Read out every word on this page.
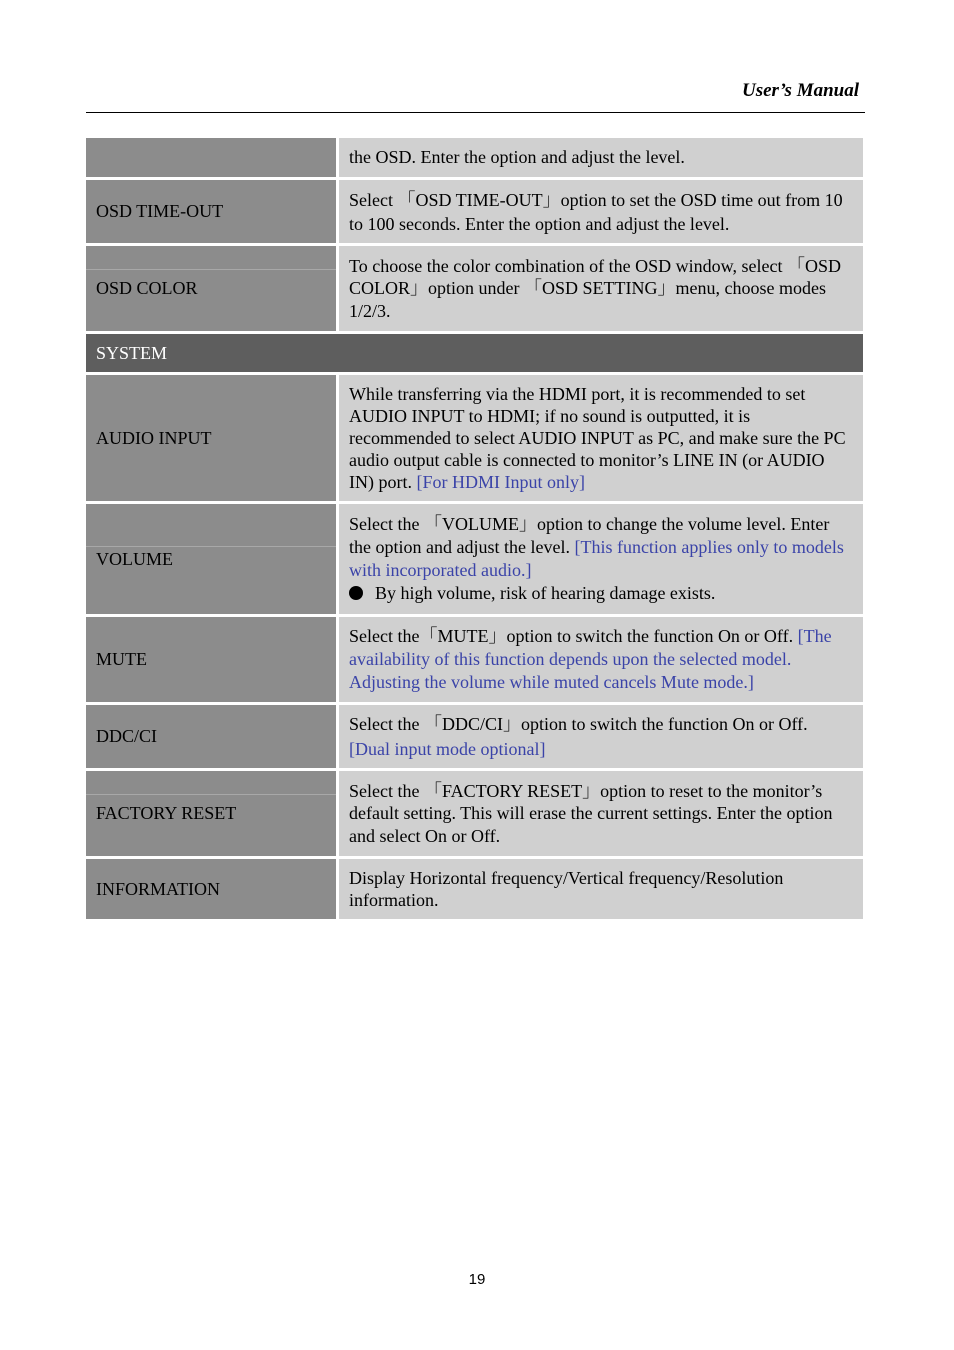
User’s Manual
the OSD. Enter the option and adjust the level.
OSD TIME-OUT
Select 「OSD TIME-OUT」option to set the OSD time out from 10 to 100 seconds. Enter the option and adjust the level.
OSD COLOR
To choose the color combination of the OSD window, select 「OSD COLOR」option under 「OSD SETTING」menu, choose modes 1/2/3.
SYSTEM
AUDIO INPUT
While transferring via the HDMI port, it is recommended to set AUDIO INPUT to HDMI; if no sound is outputted, it is recommended to select AUDIO INPUT as PC, and make sure the PC audio output cable is connected to monitor’s LINE IN (or AUDIO IN) port. [For HDMI Input only]
VOLUME
Select the 「VOLUME」option to change the volume level. Enter the option and adjust the level. [This function applies only to models with incorporated audio.]
By high volume, risk of hearing damage exists.
MUTE
Select the「MUTE」option to switch the function On or Off. [The availability of this function depends upon the selected model. Adjusting the volume while muted cancels Mute mode.]
DDC/CI
Select the 「DDC/CI」option to switch the function On or Off. [Dual input mode optional]
FACTORY RESET
Select the 「FACTORY RESET」option to reset to the monitor’s default setting. This will erase the current settings. Enter the option and select On or Off.
INFORMATION
Display Horizontal frequency/Vertical frequency/Resolution information.
19
